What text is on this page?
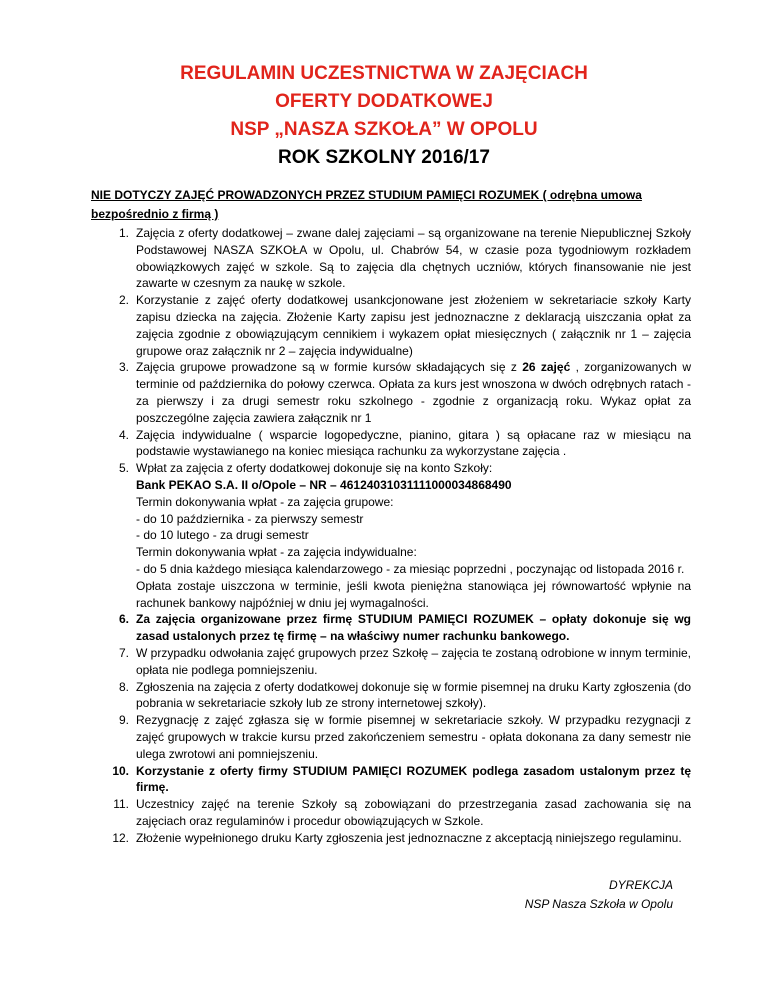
REGULAMIN UCZESTNICTWA W ZAJĘCIACH
OFERTY DODATKOWEJ
NSP „NASZA SZKOŁA” W OPOLU
ROK SZKOLNY 2016/17
NIE DOTYCZY ZAJĘĆ PROWADZONYCH PRZEZ STUDIUM PAMIĘCI ROZUMEK ( odrębna umowa bezpośrednio z firmą )
1. Zajęcia z oferty dodatkowej – zwane dalej zajęciami – są organizowane na terenie Niepublicznej Szkoły Podstawowej NASZA SZKOŁA w Opolu, ul. Chabrów 54, w czasie poza tygodniowym rozkładem obowiązkowych zajęć w szkole. Są to zajęcia dla chętnych uczniów, których finansowanie nie jest zawarte w czesnym za naukę w szkole.
2. Korzystanie z zajęć oferty dodatkowej usankcjonowane jest złożeniem w sekretariacie szkoły Karty zapisu dziecka na zajęcia. Złożenie Karty zapisu jest jednoznaczne z deklaracją uiszczania opłat za zajęcia zgodnie z obowiązującym cennikiem i wykazem opłat miesięcznych ( załącznik nr 1 – zajęcia grupowe oraz załącznik nr 2 – zajęcia indywidualne)
3. Zajęcia grupowe prowadzone są w formie kursów składających się z 26 zajęć , zorganizowanych w terminie od października do połowy czerwca. Opłata za kurs jest wnoszona w dwóch odrębnych ratach - za pierwszy i za drugi semestr roku szkolnego - zgodnie z organizacją roku. Wykaz opłat za poszczególne zajęcia zawiera załącznik nr 1
4. Zajęcia indywidualne ( wsparcie logopedyczne, pianino, gitara ) są opłacane raz w miesiącu na podstawie wystawianego na koniec miesiąca rachunku za wykorzystane zajęcia .
5. Wpłat za zajęcia z oferty dodatkowej dokonuje się na konto Szkoły:
Bank PEKAO S.A. II o/Opole – NR – 46124031031111000034868490
Termin dokonywania wpłat - za zajęcia grupowe:
- do 10 października - za pierwszy semestr
- do 10 lutego - za drugi semestr
Termin dokonywania wpłat - za zajęcia indywidualne:
- do 5 dnia każdego miesiąca kalendarzowego - za miesiąc poprzedni , poczynając od listopada 2016 r.
Opłata zostaje uiszczona w terminie, jeśli kwota pieniężna stanowiąca jej równowartość wpłynie na rachunek bankowy najpóźniej w dniu jej wymagalności.
6. Za zajęcia organizowane przez firmę STUDIUM PAMIĘCI ROZUMEK – opłaty dokonuje się wg zasad ustalonych przez tę firmę – na właściwy numer rachunku bankowego.
7. W przypadku odwołania zajęć grupowych przez Szkołę – zajęcia te zostaną odrobione w innym terminie, opłata nie podlega pomniejszeniu.
8. Zgłoszenia na zajęcia z oferty dodatkowej dokonuje się w formie pisemnej na druku Karty zgłoszenia (do pobrania w sekretariacie szkoły lub ze strony internetowej szkoły).
9. Rezygnację z zajęć zgłasza się w formie pisemnej w sekretariacie szkoły. W przypadku rezygnacji z zajęć grupowych w trakcie kursu przed zakończeniem semestru - opłata dokonana za dany semestr nie ulega zwrotowi ani pomniejszeniu.
10. Korzystanie z oferty firmy STUDIUM PAMIĘCI ROZUMEK podlega zasadom ustalonym przez tę firmę.
11. Uczestnicy zajęć na terenie Szkoły są zobowiązani do przestrzegania zasad zachowania się na zajęciach oraz regulaminów i procedur obowiązujących w Szkole.
12. Złożenie wypełnionego druku Karty zgłoszenia jest jednoznaczne z akceptacją niniejszego regulaminu.
DYREKCJA
NSP Nasza Szkoła w Opolu
